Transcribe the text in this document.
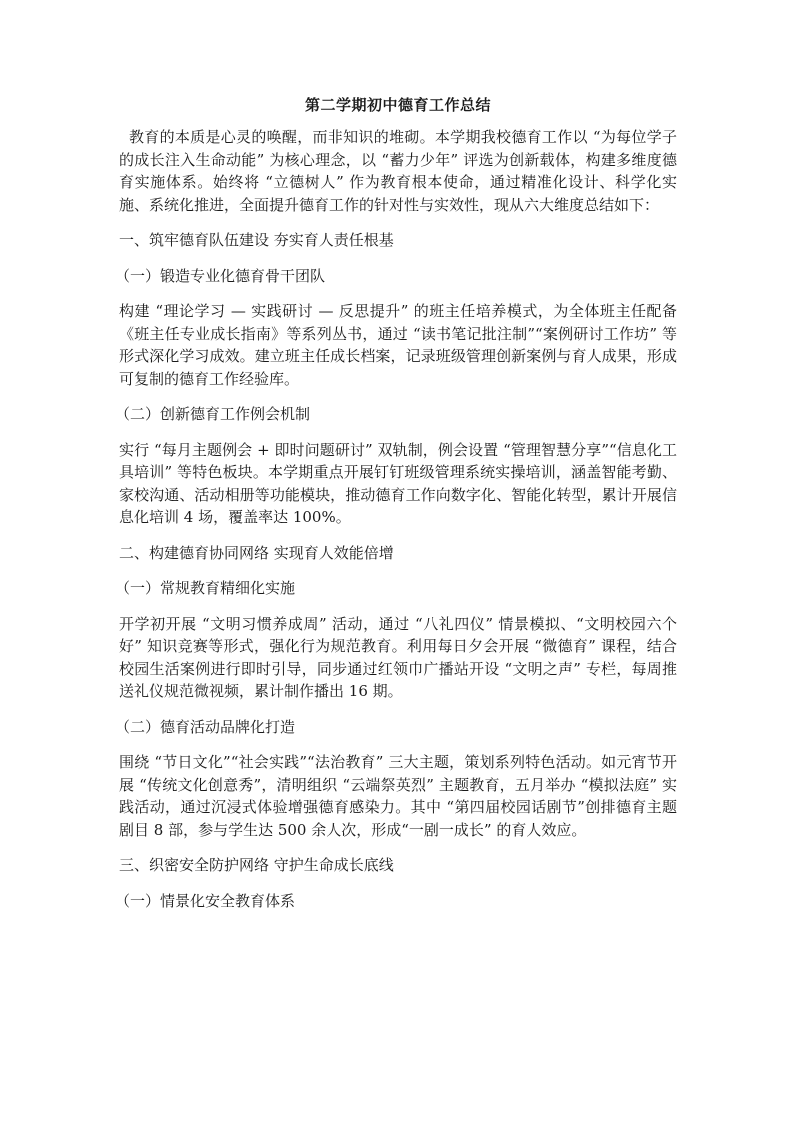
第二学期初中德育工作总结

教育的本质是心灵的唤醒，而非知识的堆砌。本学期我校德育工作以 “为每位学子的成长注入生命动能” 为核心理念，以 “蓄力少年” 评选为创新载体，构建多维度德育实施体系。始终将 “立德树人” 作为教育根本使命，通过精准化设计、科学化实施、系统化推进，全面提升德育工作的针对性与实效性，现从六大维度总结如下：

一、筑牢德育队伍建设 夯实育人责任根基

（一）锻造专业化德育骨干团队

构建 “理论学习 — 实践研讨 — 反思提升” 的班主任培养模式，为全体班主任配备《班主任专业成长指南》等系列丛书，通过 “读书笔记批注制”“案例研讨工作坊” 等形式深化学习成效。建立班主任成长档案，记录班级管理创新案例与育人成果，形成可复制的德育工作经验库。

（二）创新德育工作例会机制

实行 “每月主题例会 + 即时问题研讨” 双轨制，例会设置 “管理智慧分享”“信息化工具培训” 等特色板块。本学期重点开展钉钉班级管理系统实操培训，涵盖智能考勤、家校沟通、活动相册等功能模块，推动德育工作向数字化、智能化转型，累计开展信息化培训 4 场，覆盖率达 100%。

二、构建德育协同网络 实现育人效能倍增

（一）常规教育精细化实施

开学初开展 “文明习惯养成周” 活动，通过 “八礼四仪” 情景模拟、“文明校园六个好” 知识竞赛等形式，强化行为规范教育。利用每日夕会开展 “微德育” 课程，结合校园生活案例进行即时引导，同步通过红领巾广播站开设 “文明之声” 专栏，每周推送礼仪规范微视频，累计制作播出 16 期。

（二）德育活动品牌化打造

围绕 “节日文化”“社会实践”“法治教育” 三大主题，策划系列特色活动。如元宵节开展 “传统文化创意秀”，清明组织 “云端祭英烈” 主题教育，五月举办 “模拟法庭” 实践活动，通过沉浸式体验增强德育感染力。其中 “第四届校园话剧节”创排德育主题剧目 8 部，参与学生达 500 余人次，形成“一剧一成长” 的育人效应。

三、织密安全防护网络 守护生命成长底线

（一）情景化安全教育体系
